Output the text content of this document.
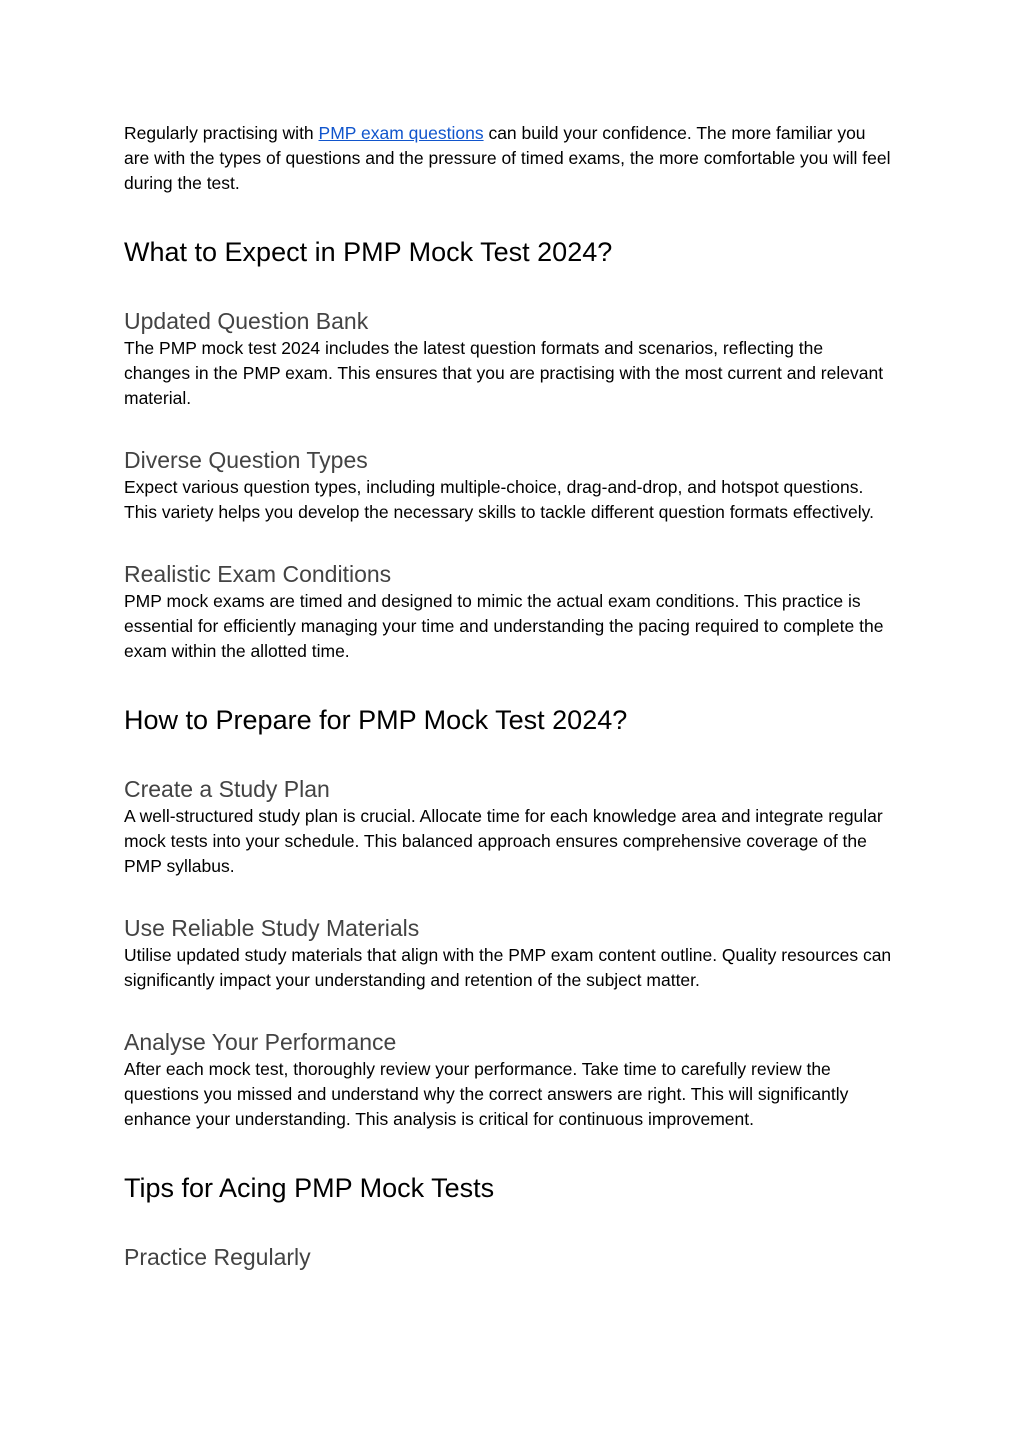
Regularly practising with PMP exam questions can build your confidence. The more familiar you are with the types of questions and the pressure of timed exams, the more comfortable you will feel during the test.

What to Expect in PMP Mock Test 2024?
Updated Question Bank

The PMP mock test 2024 includes the latest question formats and scenarios, reflecting the changes in the PMP exam. This ensures that you are practising with the most current and relevant material.

Diverse Question Types

Expect various question types, including multiple-choice, drag-and-drop, and hotspot questions. This variety helps you develop the necessary skills to tackle different question formats effectively.

Realistic Exam Conditions

PMP mock exams are timed and designed to mimic the actual exam conditions. This practice is essential for efficiently managing your time and understanding the pacing required to complete the exam within the allotted time.

How to Prepare for PMP Mock Test 2024?
Create a Study Plan

A well-structured study plan is crucial. Allocate time for each knowledge area and integrate regular mock tests into your schedule. This balanced approach ensures comprehensive coverage of the PMP syllabus.

Use Reliable Study Materials

Utilise updated study materials that align with the PMP exam content outline. Quality resources can significantly impact your understanding and retention of the subject matter.

Analyse Your Performance

After each mock test, thoroughly review your performance. Take time to carefully review the questions you missed and understand why the correct answers are right. This will significantly enhance your understanding. This analysis is critical for continuous improvement.

Tips for Acing PMP Mock Tests
Practice Regularly
